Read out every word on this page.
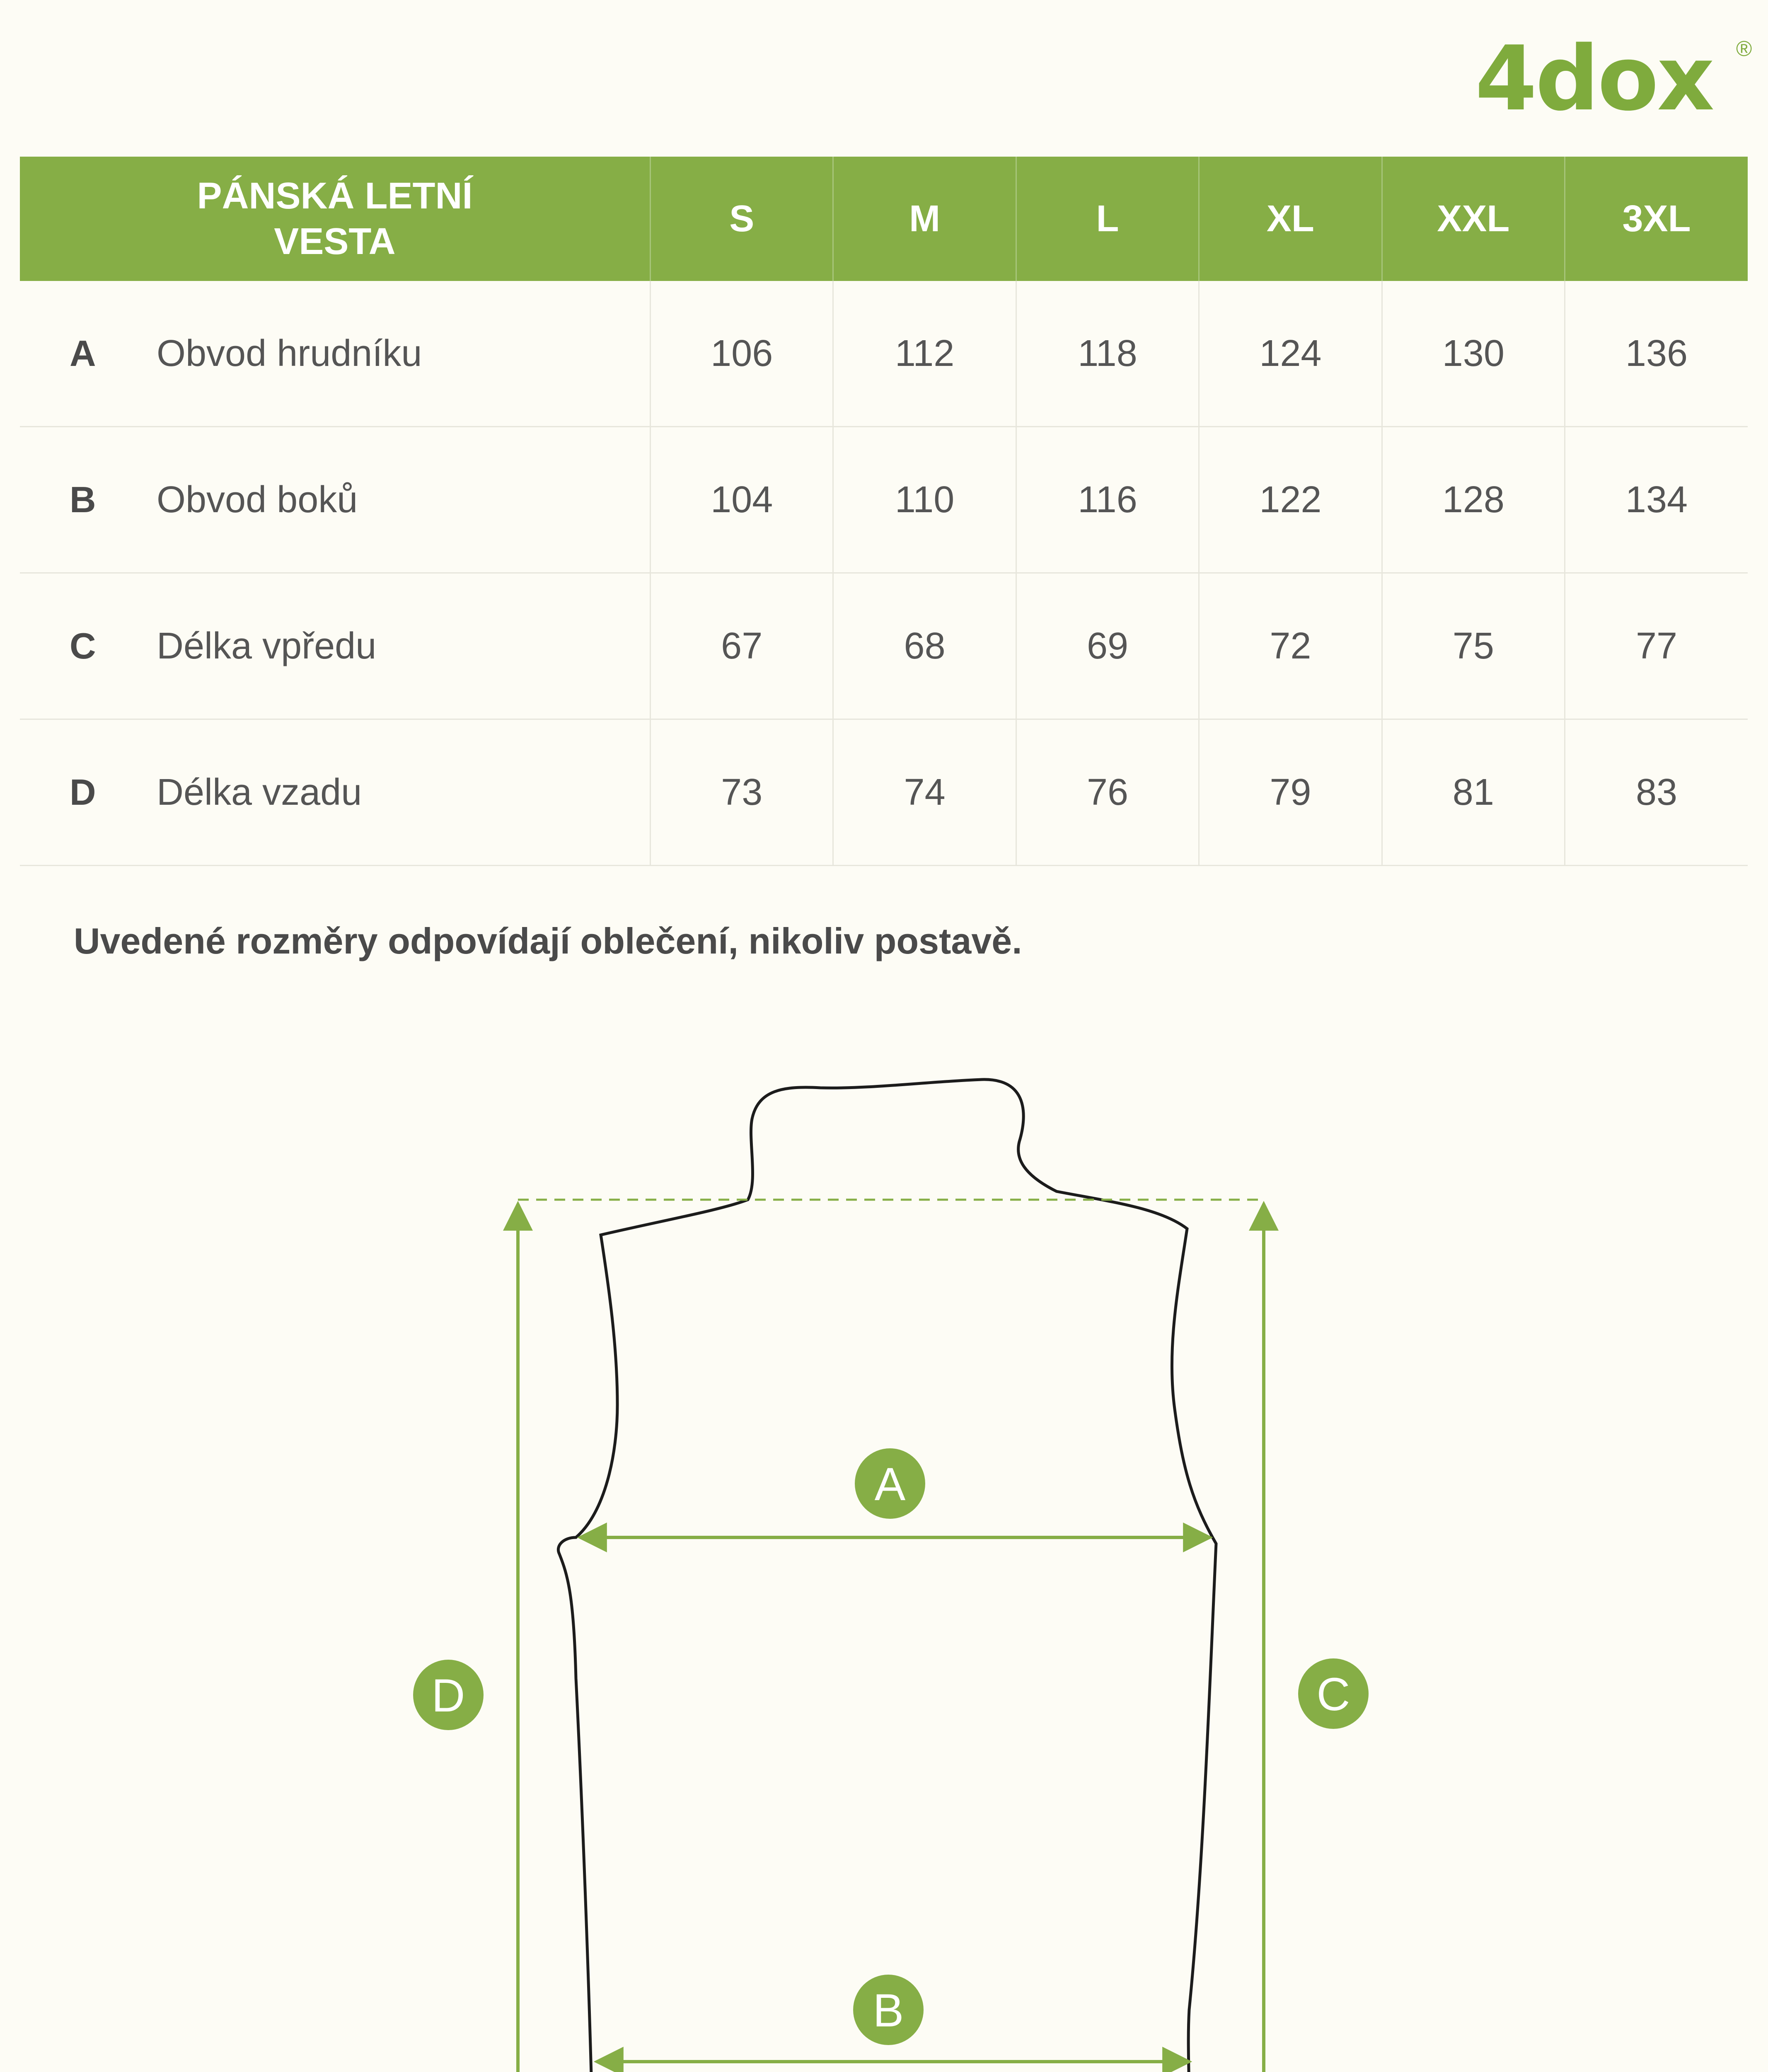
4dox ®
PÁNSKÁ LETNÍ
VESTA	S	M	L	XL	XXL	3XL
A Obvod hrudníku	106	112	118	124	130	136
B Obvod boků	104	110	116	122	128	134
C Délka vpředu	67	68	69	72	75	77
D Délka vzadu	73	74	76	79	81	83
Uvedené rozměry odpovídají oblečení, nikoliv postavě.
A
B
C
D
